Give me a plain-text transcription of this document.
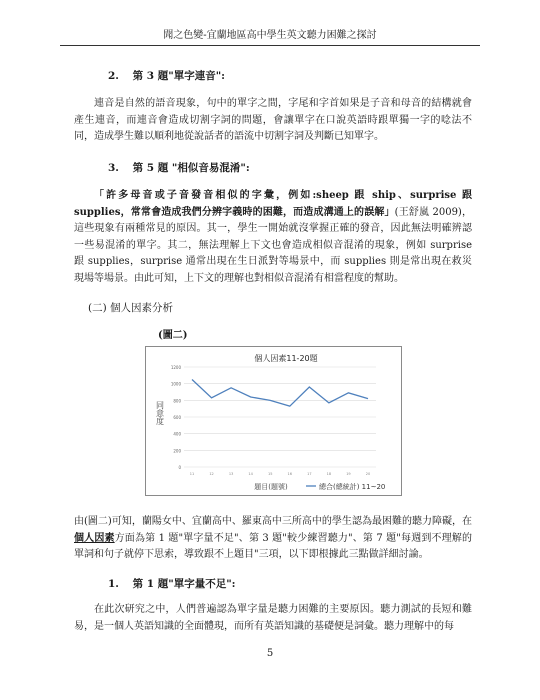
聞之色變-宜蘭地區高中學生英文聽力困難之探討
2. 第 3 題"單字連音":

連音是自然的語音現象，句中的單字之間，字尾和字首如果是子音和母音的結構就會產生連音，而連音會造成切割字詞的問題，會讓單字在口說英語時跟單獨一字的唸法不同，造成學生難以順利地從說話者的語流中切割字詞及判斷已知單字。

3. 第 5 題 "相似音易混淆":

「許多母音或子音發音相似的字彙，例如:sheep 跟 ship、surprise 跟 supplies，常常會造成我們分辨字義時的困難，而造成溝通上的誤解」(王舒嵐 2009)，這些現象有兩種常見的原因。其一，學生一開始就沒掌握正確的發音，因此無法明確辨認一些易混淆的單字。其二，無法理解上下文也會造成相似音混淆的現象，例如 surprise 跟 supplies，surprise 通常出現在生日派對等場景中，而 supplies 則是常出現在救災現場等場景。由此可知，上下文的理解也對相似音混淆有相當程度的幫助。

(二) 個人因素分析
(圖二)
個人因素11-20題
同意度
1200
1000
800
600
400
200
0
11	12	13	14	15	16	17	18	19	20
題目(題號)	總合(總統計) 11~20

由(圖二)可知，蘭陽女中、宜蘭高中、羅東高中三所高中的學生認為最困難的聽力障礙，在個人因素方面為第 1 題"單字量不足"、第 3 題"較少練習聽力"、第 7 題"每週到不理解的單詞和句子就停下思索，導致跟不上題目"三項，以下即根據此三點做詳細討論。

1. 第 1 題"單字量不足":

在此次研究之中，人們普遍認為單字量是聽力困難的主要原因。聽力測試的長短和難易，是一個人英語知識的全面體現，而所有英語知識的基礎便是詞彙。聽力理解中的每

5
